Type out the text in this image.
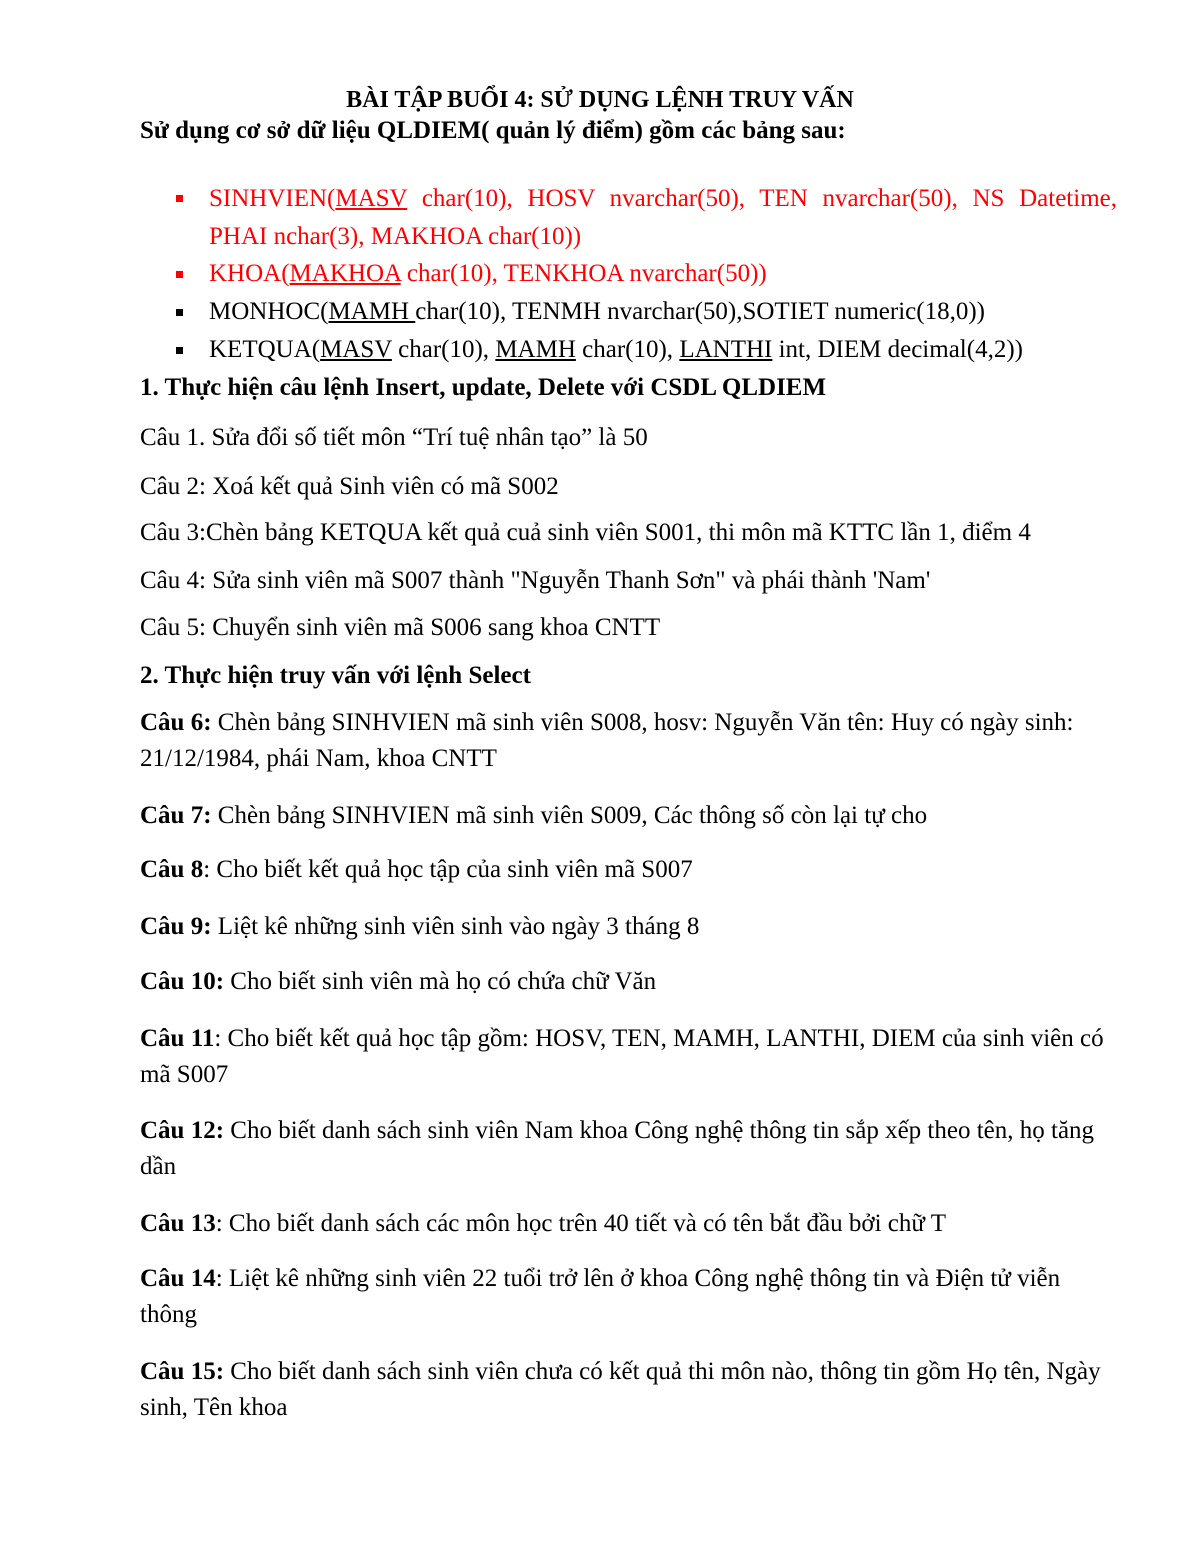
BÀI TẬP BUỔI 4: SỬ DỤNG LỆNH TRUY VẤN
Sử dụng cơ sở dữ liệu QLDIEM( quản lý điểm) gồm các bảng sau:
SINHVIEN(MASV char(10), HOSV nvarchar(50), TEN nvarchar(50), NS Datetime, PHAI nchar(3), MAKHOA char(10))
KHOA(MAKHOA char(10), TENKHOA nvarchar(50))
MONHOC(MAMH char(10), TENMH nvarchar(50),SOTIET numeric(18,0))
KETQUA(MASV char(10), MAMH char(10), LANTHI int, DIEM decimal(4,2))
1. Thực hiện câu lệnh Insert, update, Delete với CSDL QLDIEM
Câu 1. Sửa đổi số tiết môn “Trí tuệ nhân tạo” là 50
Câu 2: Xoá kết quả Sinh viên có mã S002
Câu 3:Chèn bảng KETQUA kết quả cuả sinh viên S001, thi môn mã KTTC lần 1, điểm 4
Câu 4: Sửa sinh viên mã S007 thành "Nguyễn Thanh Sơn" và phái thành 'Nam'
Câu 5: Chuyển sinh viên mã S006 sang khoa CNTT
2. Thực hiện truy vấn với lệnh Select
Câu 6: Chèn bảng SINHVIEN mã sinh viên S008, hosv: Nguyễn Văn tên: Huy có ngày sinh: 21/12/1984, phái Nam, khoa CNTT
Câu 7: Chèn bảng SINHVIEN mã sinh viên S009, Các thông số còn lại tự cho
Câu 8: Cho biết kết quả học tập của sinh viên mã S007
Câu 9: Liệt kê những sinh viên sinh vào ngày 3 tháng 8
Câu 10: Cho biết sinh viên mà họ có chứa chữ Văn
Câu 11: Cho biết kết quả học tập gồm: HOSV, TEN, MAMH, LANTHI, DIEM của sinh viên có mã S007
Câu 12: Cho biết danh sách sinh viên Nam khoa Công nghệ thông tin sắp xếp theo tên, họ tăng dần
Câu 13: Cho biết danh sách các môn học trên 40 tiết và có tên bắt đầu bởi chữ T
Câu 14: Liệt kê những sinh viên 22 tuổi trở lên ở khoa Công nghệ thông tin và Điện tử viễn thông
Câu 15: Cho biết danh sách sinh viên chưa có kết quả thi môn nào, thông tin gồm Họ tên, Ngày sinh, Tên khoa
